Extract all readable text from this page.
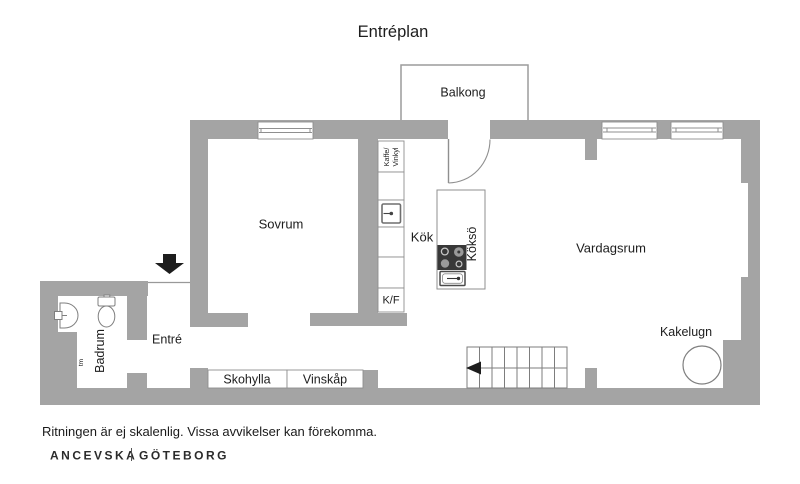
Entréplan
Balkong
Sovrum
Kök	Köksö	Vardagsrum
Kakelugn
Entré
Badrum
Kaffe/ Vinkyl
K/F
Skohylla	Vinskåp
tm
Ritningen är ej skalenlig. Vissa avvikelser kan förekomma.
ANCEVSKA GÖTEBORG
